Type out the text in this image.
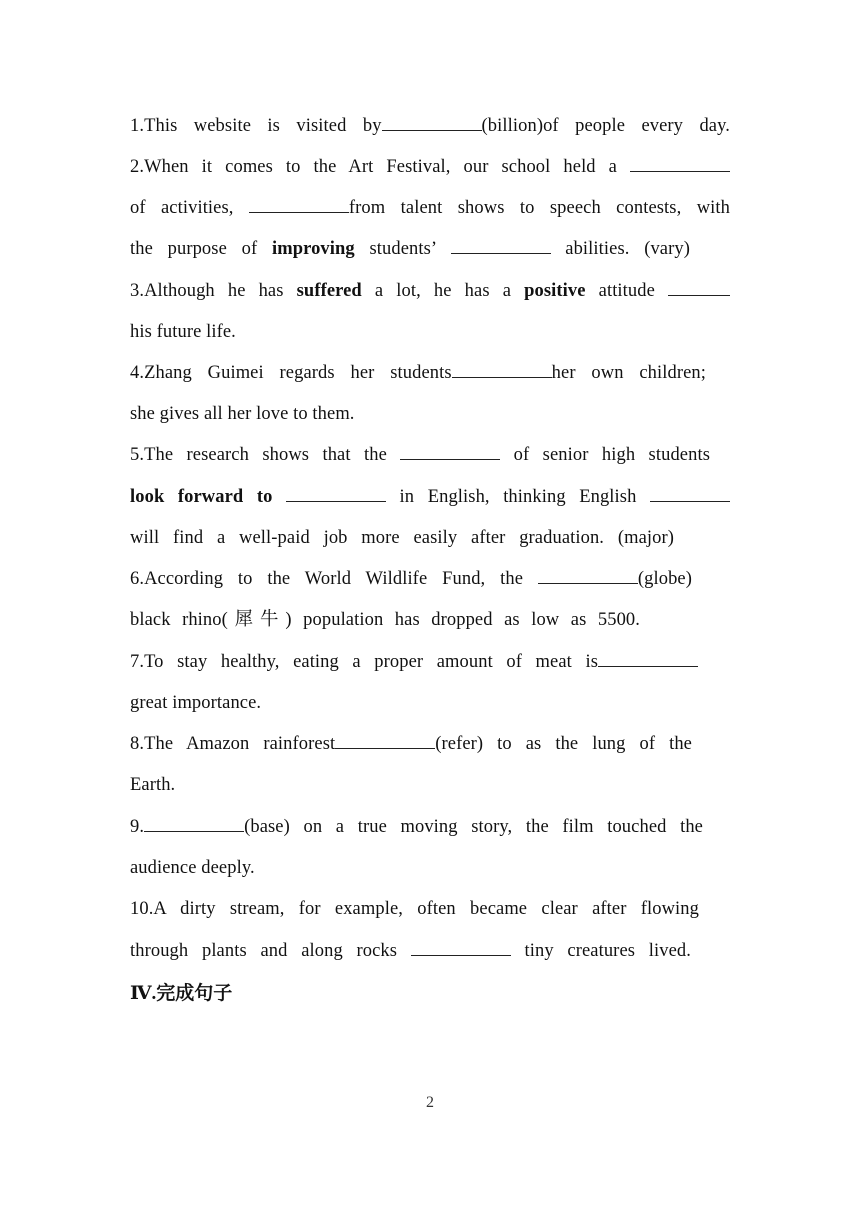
1.This website is visited by	(billion)of people every day.
2.When it comes to the Art Festival, our school held a
of activities,	from talent shows to speech contests, with
the purpose of improving students’	abilities. (vary)
3.Although he has suffered a lot, he has a positive attitude
his future life.
4.Zhang Guimei regards her students	her own children;
she gives all her love to them.
5.The research shows that the	of senior high students
look forward to	in English, thinking English
will find a well-paid job more easily after graduation. (major)
6.According to the World Wildlife Fund, the	(globe)
black rhino(犀牛) population has dropped as low as 5500.
7.To stay healthy, eating a proper amount of meat is
great importance.
8.The Amazon rainforest	(refer) to as the lung of the
Earth.
9.	(base) on a true moving story, the film touched the
audience deeply.
10.A dirty stream, for example, often became clear after flowing
through plants and along rocks	tiny creatures lived.
Ⅳ.完成句子
2
